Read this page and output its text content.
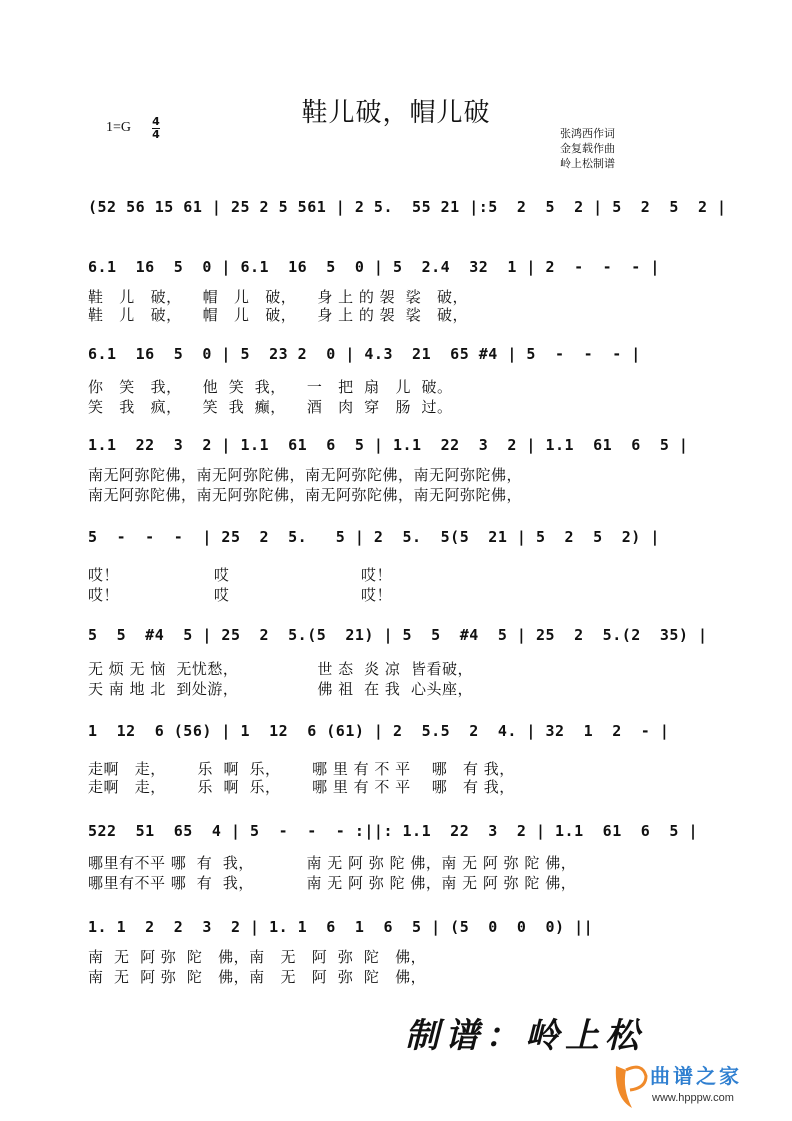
鞋儿破，帽儿破
1=G 4
4	张鸿西作词
金复载作曲
岭上松制谱
(52 56 15 61 | 25 2 5 561 | 2 5.  55 21 |:5  2  5  2 | 5  2  5  2 |
6.1  16  5  0 | 6.1  16  5  0 | 5  2.4  32  1 | 2  -  -  - |
鞋   儿   破，    帽   儿   破，    身 上 的 袈  裟   破，
鞋   儿   破，    帽   儿   破，    身 上 的 袈  裟   破，
6.1  16  5  0 | 5  23 2  0 | 4.3  21  65 #4 | 5  -  -  - |
你   笑   我，    他  笑  我，    一   把  扇   儿  破。
笑   我   疯，    笑  我  癫，    酒   肉  穿   肠  过。
1.1  22  3  2 | 1.1  61  6  5 | 1.1  22  3  2 | 1.1  61  6  5 |
南无阿弥陀佛，南无阿弥陀佛，南无阿弥陀佛，南无阿弥陀佛，
南无阿弥陀佛，南无阿弥陀佛，南无阿弥陀佛，南无阿弥陀佛，
5  -  -  -  | 25  2  5.   5 | 2  5.  5(5  21 | 5  2  5  2) |
哎！                  哎                         哎！
哎！                  哎                         哎！
5  5  #4  5 | 25  2  5.(5  21) | 5  5  #4  5 | 25  2  5.(2  35) |
无 烦 无 恼  无忧愁，               世 态  炎 凉  皆看破，
天 南 地 北  到处游，               佛 祖  在 我  心头座，
1  12  6 (56) | 1  12  6 (61) | 2  5.5  2  4. | 32  1  2  - |
走啊   走，      乐  啊  乐，      哪 里 有 不 平    哪   有 我，
走啊   走，      乐  啊  乐，      哪 里 有 不 平    哪   有 我，
522  51  65  4 | 5  -  -  - :||: 1.1  22  3  2 | 1.1  61  6  5 |
哪里有不平 哪  有  我，          南 无 阿 弥 陀 佛，南 无 阿 弥 陀 佛，
哪里有不平 哪  有  我，          南 无 阿 弥 陀 佛，南 无 阿 弥 陀 佛，
1. 1  2  2  3  2 | 1. 1  6  1  6  5 | (5  0  0  0) ||
南  无  阿 弥  陀   佛，南   无   阿  弥  陀   佛，
南  无  阿 弥  陀   佛，南   无   阿  弥  陀   佛，
制谱：岭上松
曲谱之家
www.hpppw.com
